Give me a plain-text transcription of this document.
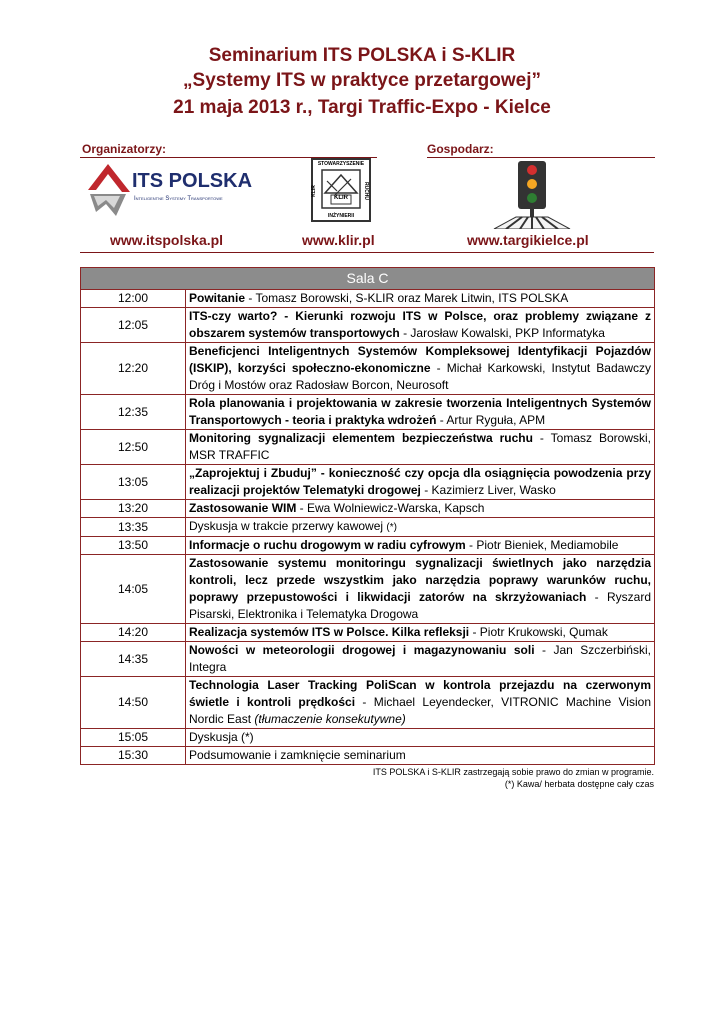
Seminarium ITS POLSKA i S-KLIR
„Systemy ITS w praktyce przetargowej”
21 maja 2013 r., Targi Traffic-Expo - Kielce
Organizatorzy:	Gospodarz:
ITS POLSKA
Inteligentne Systemy Transportowe
STOWARZYSZENIE
KLIR	RUCHU
KLIR
INŻYNIERII
www.itspolska.pl	www.klir.pl	www.targikielce.pl
Sala C	
12:00	Powitanie - Tomasz Borowski, S-KLIR oraz Marek Litwin, ITS POLSKA
12:05	ITS-czy warto? - Kierunki rozwoju ITS w Polsce, oraz problemy związane z obszarem systemów transportowych - Jarosław Kowalski, PKP Informatyka
12:20	Beneficjenci Inteligentnych Systemów Kompleksowej Identyfikacji Pojazdów (ISKIP), korzyści społeczno-ekonomiczne - Michał Karkowski, Instytut Badawczy Dróg i Mostów oraz Radosław Borcon, Neurosoft
12:35	Rola planowania i projektowania w zakresie tworzenia Inteligentnych Systemów Transportowych - teoria i praktyka wdrożeń - Artur Ryguła, APM
12:50	Monitoring sygnalizacji elementem bezpieczeństwa ruchu - Tomasz Borowski, MSR TRAFFIC
13:05	„Zaprojektuj i Zbuduj” - konieczność czy opcja dla osiągnięcia powodzenia przy realizacji projektów Telematyki drogowej - Kazimierz Liver, Wasko
13:20	Zastosowanie WIM - Ewa Wolniewicz-Warska, Kapsch
13:35	Dyskusja w trakcie przerwy kawowej (*)
13:50	Informacje o ruchu drogowym w radiu cyfrowym - Piotr Bieniek, Mediamobile
14:05	Zastosowanie systemu monitoringu sygnalizacji świetlnych jako narzędzia kontroli, lecz przede wszystkim jako narzędzia poprawy warunków ruchu, poprawy przepustowości i likwidacji zatorów na skrzyżowaniach - Ryszard Pisarski, Elektronika i Telematyka Drogowa
14:20	Realizacja systemów ITS w Polsce. Kilka refleksji - Piotr Krukowski, Qumak
14:35	Nowości w meteorologii drogowej i magazynowaniu soli - Jan Szczerbiński, Integra
14:50	Technologia Laser Tracking PoliScan w kontrola przejazdu na czerwonym świetle i kontroli prędkości - Michael Leyendecker, VITRONIC Machine Vision Nordic East (tłumaczenie konsekutywne)
15:05	Dyskusja (*)
15:30	Podsumowanie i zamknięcie seminarium
ITS POLSKA i S-KLIR zastrzegają sobie prawo do zmian w programie.
(*) Kawa/ herbata dostępne cały czas
